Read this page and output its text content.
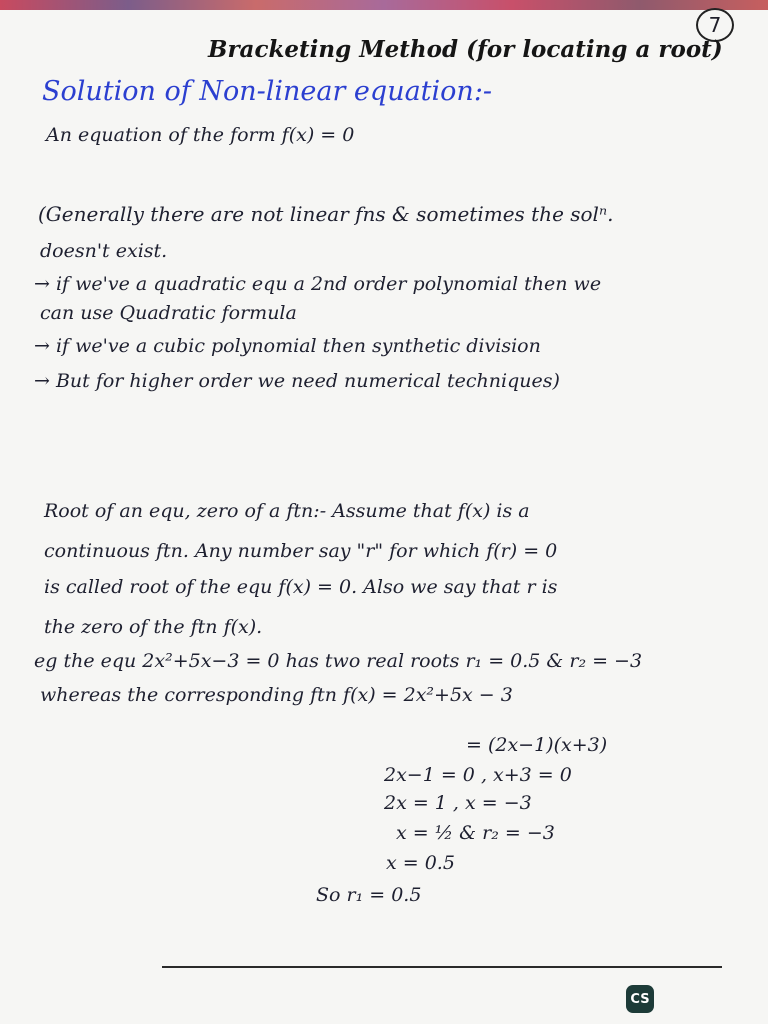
7
Bracketing Method (for locating a root)
Solution of Non-linear equation:-
An equation of the form f(x) = 0
(Generally there are not linear fns & sometimes the solⁿ.
doesn't exist.
→ if we've a quadratic equ a 2nd order polynomial then we
can use Quadratic formula
→ if we've a cubic polynomial then synthetic division
→ But for higher order we need numerical techniques)
Root of an equ, zero of a ftn:- Assume that f(x) is a
continuous ftn. Any number say "r" for which f(r) = 0
is called root of the equ f(x) = 0. Also we say that r is
the zero of the ftn f(x).
eg the equ 2x²+5x−3 = 0 has two real roots r₁ = 0.5 & r₂ = −3
whereas the corresponding ftn f(x) = 2x²+5x − 3
= (2x−1)(x+3)
2x−1 = 0 , x+3 = 0
2x = 1 , x = −3
x = ½ & r₂ = −3
x = 0.5
So r₁ = 0.5
CS
